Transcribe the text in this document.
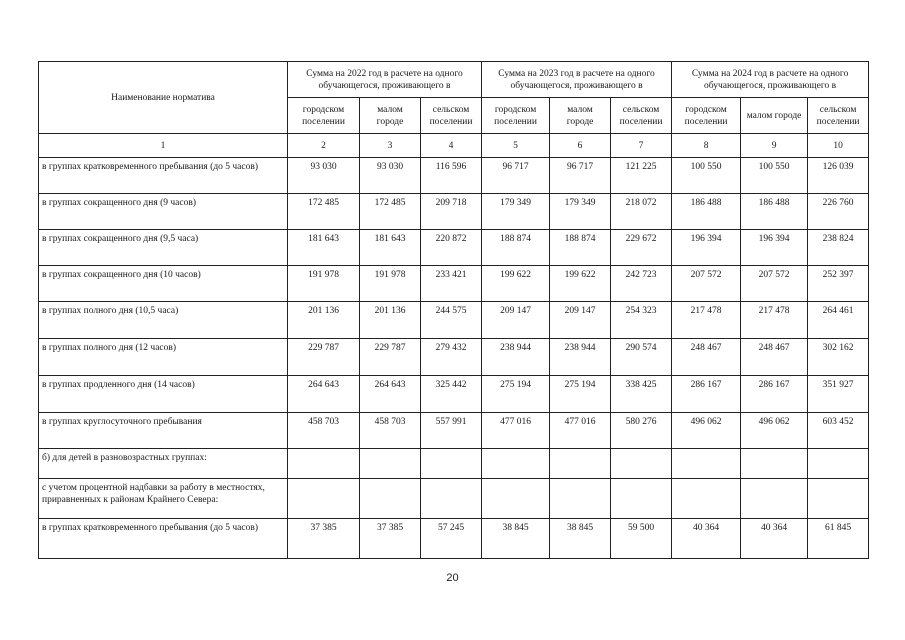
Наименование норматива	Сумма на 2022 год в расчете на одного обучающегося, проживающего в			Сумма на 2023 год в расчете на одного обучающегося, проживающего в			Сумма на 2024 год в расчете на одного обучающегося, проживающего в		
	городском поселении	малом городе	сельском поселении	городском поселении	малом городе	сельском поселении	городском поселении	малом городе	сельском поселении
1	2	3	4	5	6	7	8	9	10
в группах кратковременного пребывания (до 5 часов)	93 030	93 030	116 596	96 717	96 717	121 225	100 550	100 550	126 039
в группах сокращенного дня (9 часов)	172 485	172 485	209 718	179 349	179 349	218 072	186 488	186 488	226 760
в группах сокращенного дня (9,5 часа)	181 643	181 643	220 872	188 874	188 874	229 672	196 394	196 394	238 824
в группах сокращенного дня (10 часов)	191 978	191 978	233 421	199 622	199 622	242 723	207 572	207 572	252 397
в группах полного дня (10,5 часа)	201 136	201 136	244 575	209 147	209 147	254 323	217 478	217 478	264 461
в группах полного дня (12 часов)	229 787	229 787	279 432	238 944	238 944	290 574	248 467	248 467	302 162
в группах продленного дня (14 часов)	264 643	264 643	325 442	275 194	275 194	338 425	286 167	286 167	351 927
в группах круглосуточного пребывания	458 703	458 703	557 991	477 016	477 016	580 276	496 062	496 062	603 452
б) для детей в разновозрастных группах:									
с учетом процентной надбавки за работу в местностях, приравненных к районам Крайнего Севера:									
в группах кратковременного пребывания (до 5 часов)	37 385	37 385	57 245	38 845	38 845	59 500	40 364	40 364	61 845
20
